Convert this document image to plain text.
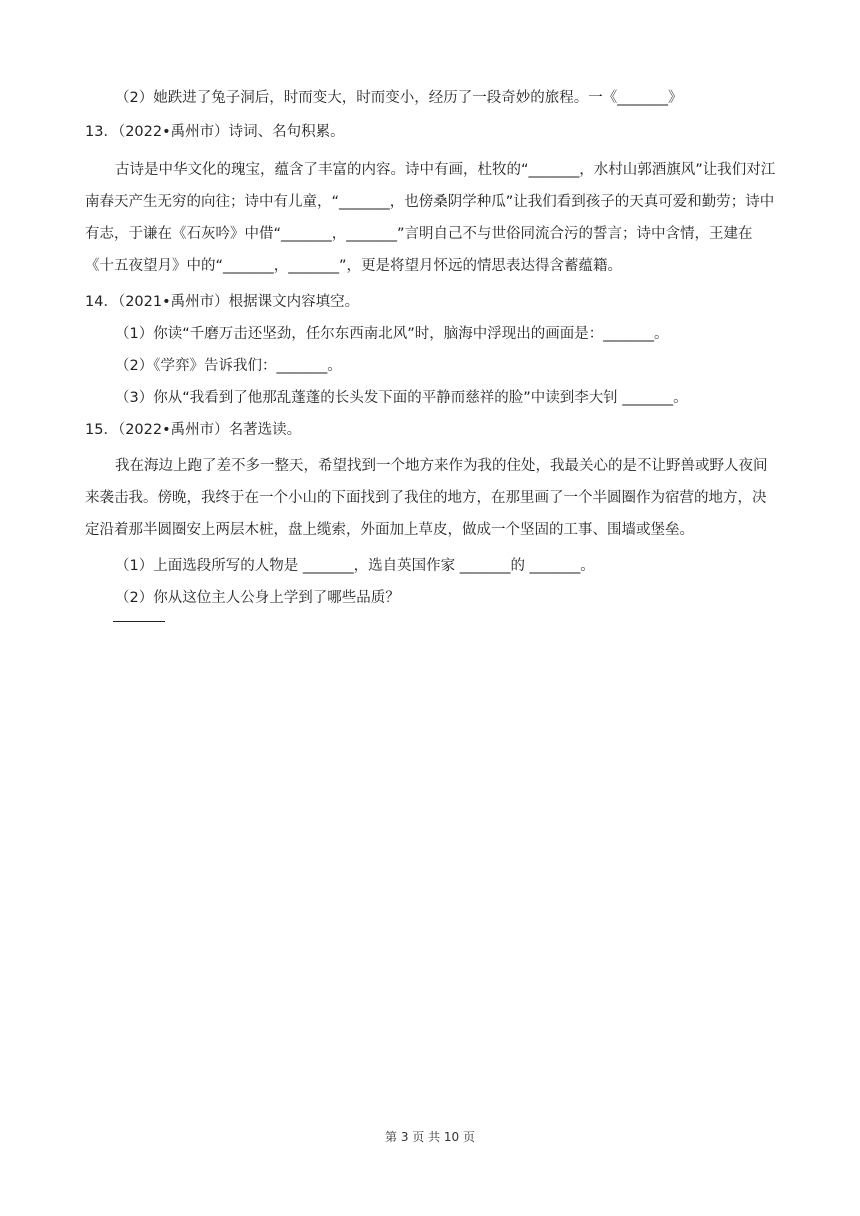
（2）她跌进了兔子洞后，时而变大，时而变小，经历了一段奇妙的旅程。一《_______》
13．（2022•禹州市）诗词、名句积累。

古诗是中华文化的瑰宝，蕴含了丰富的内容。诗中有画，杜牧的“_______，水村山郭酒旗风”让我们对江南春天产生无穷的向往；诗中有儿童，“_______，也傍桑阴学种瓜”让我们看到孩子的天真可爱和勤劳；诗中有志，于谦在《石灰吟》中借“_______，_______”言明自己不与世俗同流合污的誓言；诗中含情，王建在《十五夜望月》中的“_______，_______”，更是将望月怀远的情思表达得含蓄蕴籍。

14．（2021•禹州市）根据课文内容填空。
（1）你读“千磨万击还坚劲，任尔东西南北风”时，脑海中浮现出的画面是：_______。
（2）《学弈》告诉我们：_______。
（3）你从“我看到了他那乱蓬蓬的长头发下面的平静而慈祥的脸”中读到李大钊 _______。
15．（2022•禹州市）名著选读。

我在海边上跑了差不多一整天，希望找到一个地方来作为我的住处，我最关心的是不让野兽或野人夜间来袭击我。傍晚，我终于在一个小山的下面找到了我住的地方，在那里画了一个半圆圈作为宿营的地方，决定沿着那半圆圈安上两层木桩，盘上缆索，外面加上草皮，做成一个坚固的工事、围墙或堡垒。

（1）上面选段所写的人物是 _______，选自英国作家 _______的 _______。
（2）你从这位主人公身上学到了哪些品质？
第 3 页 共 10 页
